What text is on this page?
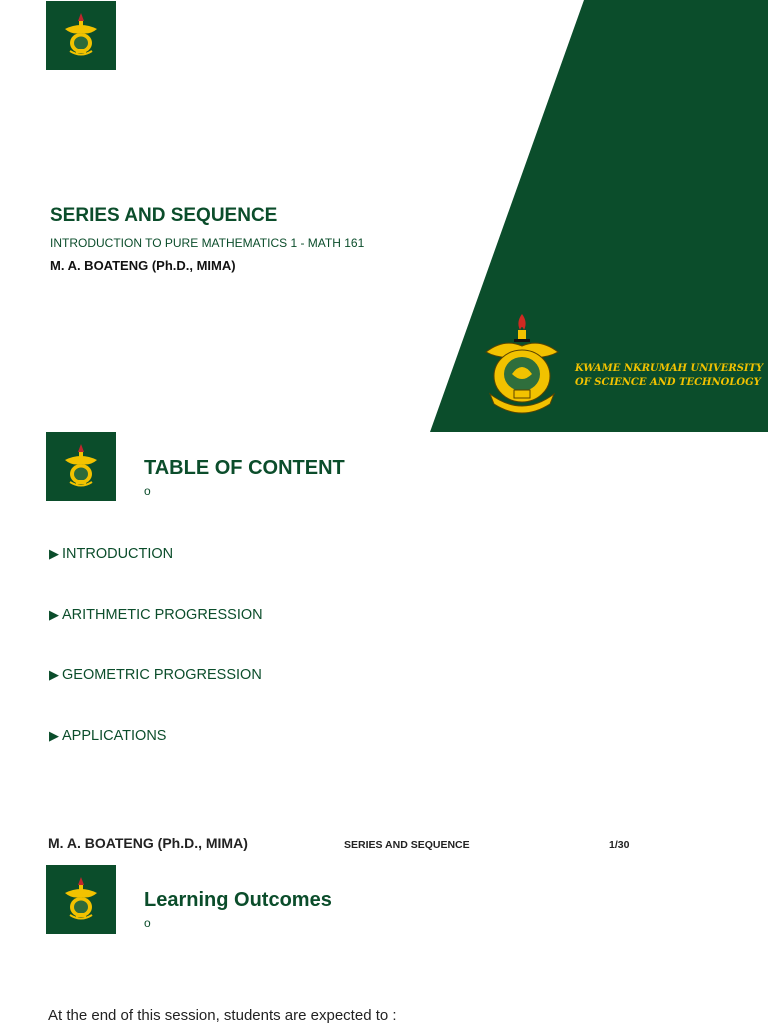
SERIES AND SEQUENCE
INTRODUCTION TO PURE MATHEMATICS 1 - MATH 161
M. A. BOATENG (Ph.D., MIMA)
KWAME NKRUMAH UNIVERSITY
OF SCIENCE AND TECHNOLOGY
TABLE OF CONTENT
o
▶ INTRODUCTION
▶ ARITHMETIC PROGRESSION
▶ GEOMETRIC PROGRESSION
▶ APPLICATIONS
M. A. BOATENG (Ph.D., MIMA)	SERIES AND SEQUENCE	1/30
Learning Outcomes
o
At the end of this session, students are expected to :
